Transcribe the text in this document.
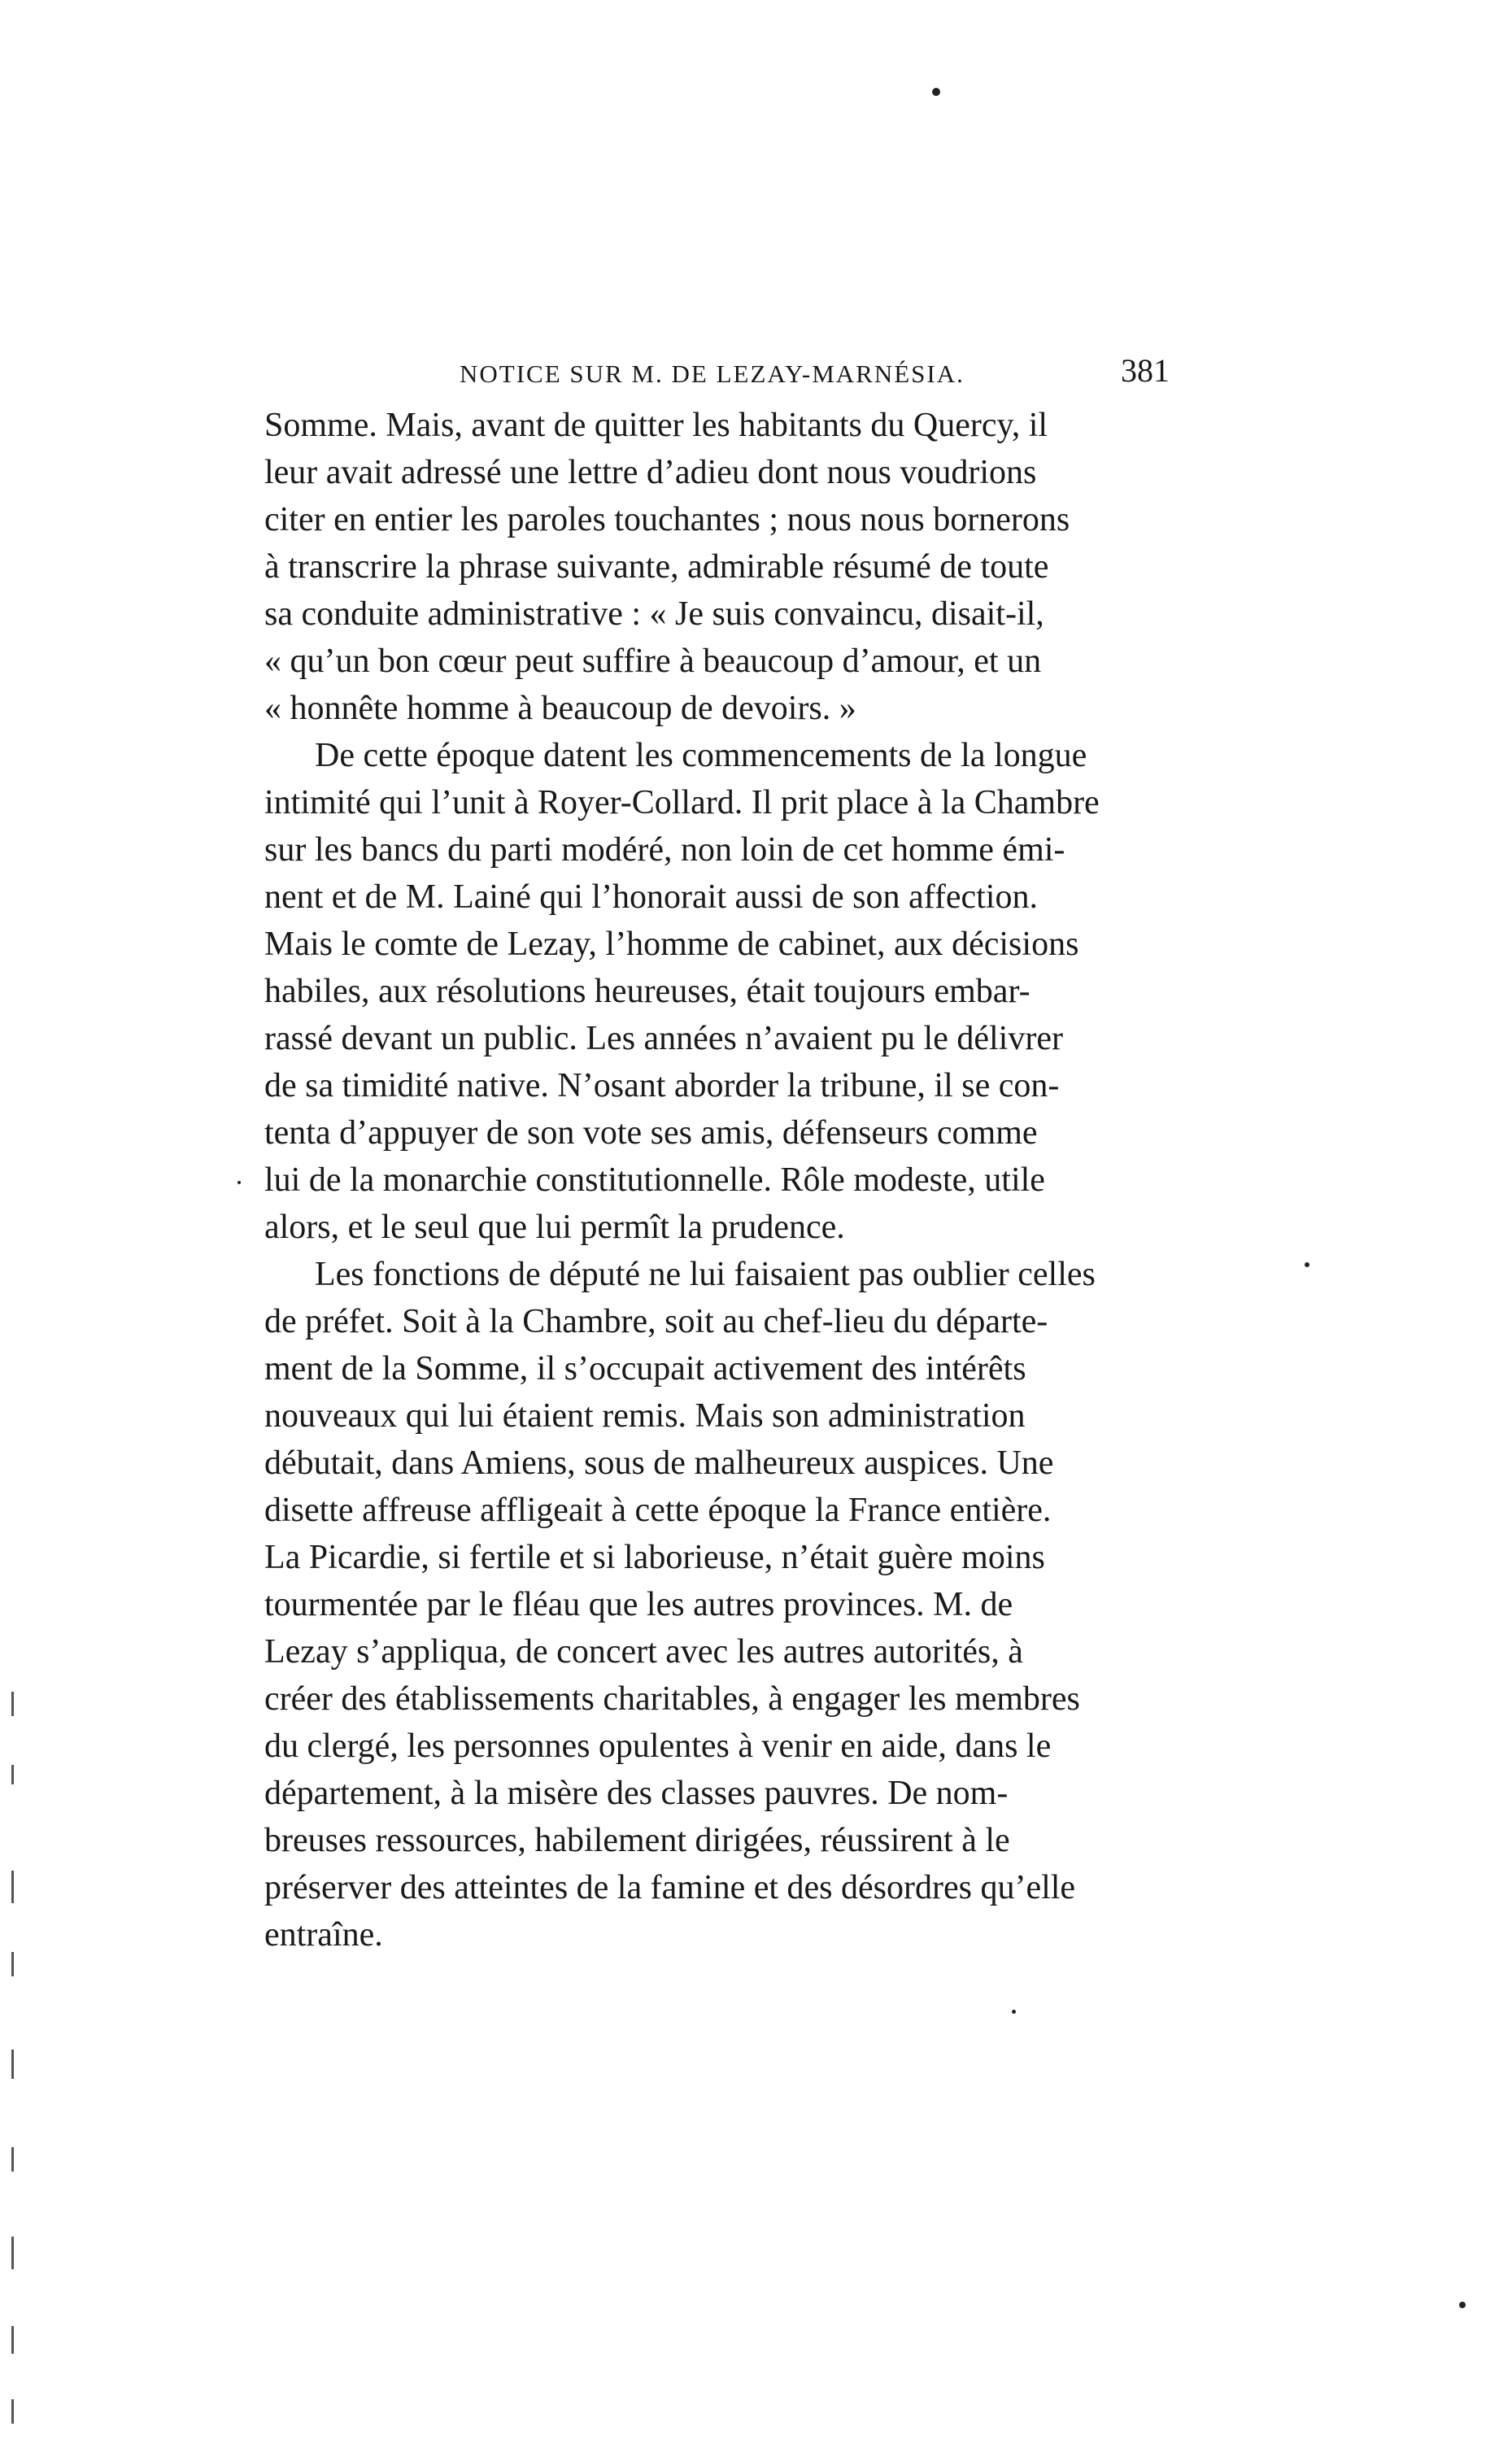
NOTICE SUR M. DE LEZAY-MARNÉSIA.	381
Somme. Mais, avant de quitter les habitants du Quercy, il
leur avait adressé une lettre d’adieu dont nous voudrions
citer en entier les paroles touchantes ; nous nous bornerons
à transcrire la phrase suivante, admirable résumé de toute
sa conduite administrative : « Je suis convaincu, disait-il,
« qu’un bon cœur peut suffire à beaucoup d’amour, et un
« honnête homme à beaucoup de devoirs. »
De cette époque datent les commencements de la longue
intimité qui l’unit à Royer-Collard. Il prit place à la Chambre
sur les bancs du parti modéré, non loin de cet homme émi-
nent et de M. Lainé qui l’honorait aussi de son affection.
Mais le comte de Lezay, l’homme de cabinet, aux décisions
habiles, aux résolutions heureuses, était toujours embar-
rassé devant un public. Les années n’avaient pu le délivrer
de sa timidité native. N’osant aborder la tribune, il se con-
tenta d’appuyer de son vote ses amis, défenseurs comme
lui de la monarchie constitutionnelle. Rôle modeste, utile
alors, et le seul que lui permît la prudence.
Les fonctions de député ne lui faisaient pas oublier celles
de préfet. Soit à la Chambre, soit au chef-lieu du départe-
ment de la Somme, il s’occupait activement des intérêts
nouveaux qui lui étaient remis. Mais son administration
débutait, dans Amiens, sous de malheureux auspices. Une
disette affreuse affligeait à cette époque la France entière.
La Picardie, si fertile et si laborieuse, n’était guère moins
tourmentée par le fléau que les autres provinces. M. de
Lezay s’appliqua, de concert avec les autres autorités, à
créer des établissements charitables, à engager les membres
du clergé, les personnes opulentes à venir en aide, dans le
département, à la misère des classes pauvres. De nom-
breuses ressources, habilement dirigées, réussirent à le
préserver des atteintes de la famine et des désordres qu’elle
entraîne.
